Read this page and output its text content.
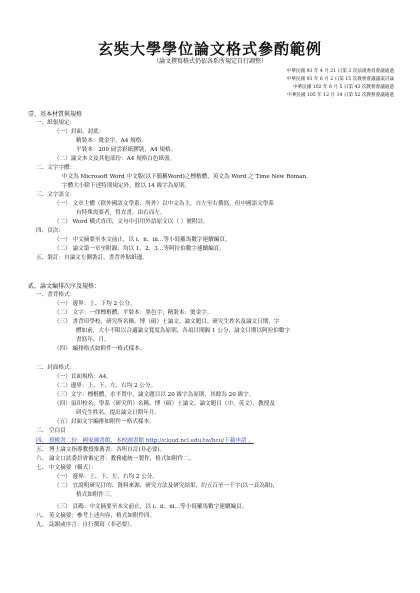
玄奘大學學位論文格式參酌範例
（論文撰寫格式仍依各系所規定自行調整）
中華民國 93 年 4 月 21 日第 3 次法規委員會議通過
中華民國 93 年 6 月 2 日第 15 次教務會議議案討論
中華民國 102 年 6 月 5 日第 43 次教務會議通過
中華民國 105 年 12 月 14 日第 52 次教務會議通過
壹、基本材質與規格
一、紙張規定：
（一）封面、封底：
精裝本：燙金字，A4 規格。
平裝本：200 磅雲彩紙膠裝，A4 規格。
（二）論文本文及其他部份：A4 規格白色紙張。
二、文字字體：
中文為 Microsoft Word 中文版(以下簡稱Word)之標楷體，英文為 Word 之 Time New Roman，
字體大小除下述特別規定外，餘以 14 級字為原則。
三、文字語文：
（一） 文章主體（除外國語文學系、所外）以中文為主，自左至右撰寫，但中國語文學系
有特殊需要者，得直書，由右而左。
（二） Word 橫式直印，文句中引用外語原文以（ ）號附註。
四、頁次：
（一） 中文摘要至本文前止，以 i、ii、iii…等小寫羅馬數字連續編頁。
（二） 論文第一章至附錄，均以 1、2、3…等阿拉伯數字連續編頁。
五、裝訂：自論文左側裝訂，書背外貼紙邊。
貳、論文編排次序及規格：
一、書背格式：
（一） 邊界：上、下均 2 公分。
（二） 文字：一律標楷體，平裝本：黑色字；精裝本：燙金字。
（三） 書背印學校、研究所名稱、博（碩）士論文、論文題目、研究生姓名及論文日期，字
體如前，大小不限以合適論文寬度為原則，各項目間隔 1 公分，論文日期以阿拉伯數字
書寫年、月。
（四） 編排格式如附件一格式樣本。
二、封面格式：
（一）頁面規格：A4。
（二）邊界：上、下、左、右均 2 公分。
（三）文字：標楷體，水平置中，論文題目以 20 級字為原則，其餘為 20 級字。
（四）須印校名、學系（研究所）名稱、博（碩）士論文、論文題目（中、英文）、教授及
研究生姓名、提出論文日期年月。
（五）封面文字編排如附件一格式樣本。
三、 空白頁
四、 授權書二份：國家圖書館、本校圖書館 http://cloud.ncl.edu.tw/hcu/下載申請 。
五、 博士論文指導教授推薦書：各所自訂(非必要)。
六、 論文口試委員會審定書：教務處統一製作，格式如附件二。
七、 中文摘要（橫式）：
（一） 邊界：上、下、左、右均 2 公分。
（二） 宜說明研究目的、資料來源、研究方法及研究結果，約五百至一千字(以一頁為限)，
格式如附件三。
（三） 頁碼：中文摘要至本文前止，以 i、ii、iii…等小寫羅馬數字連續編頁。
八、 英文摘要：參考上述內容，格式如附件四。
九、 誌謝或序言：自行撰寫（非必要）。
